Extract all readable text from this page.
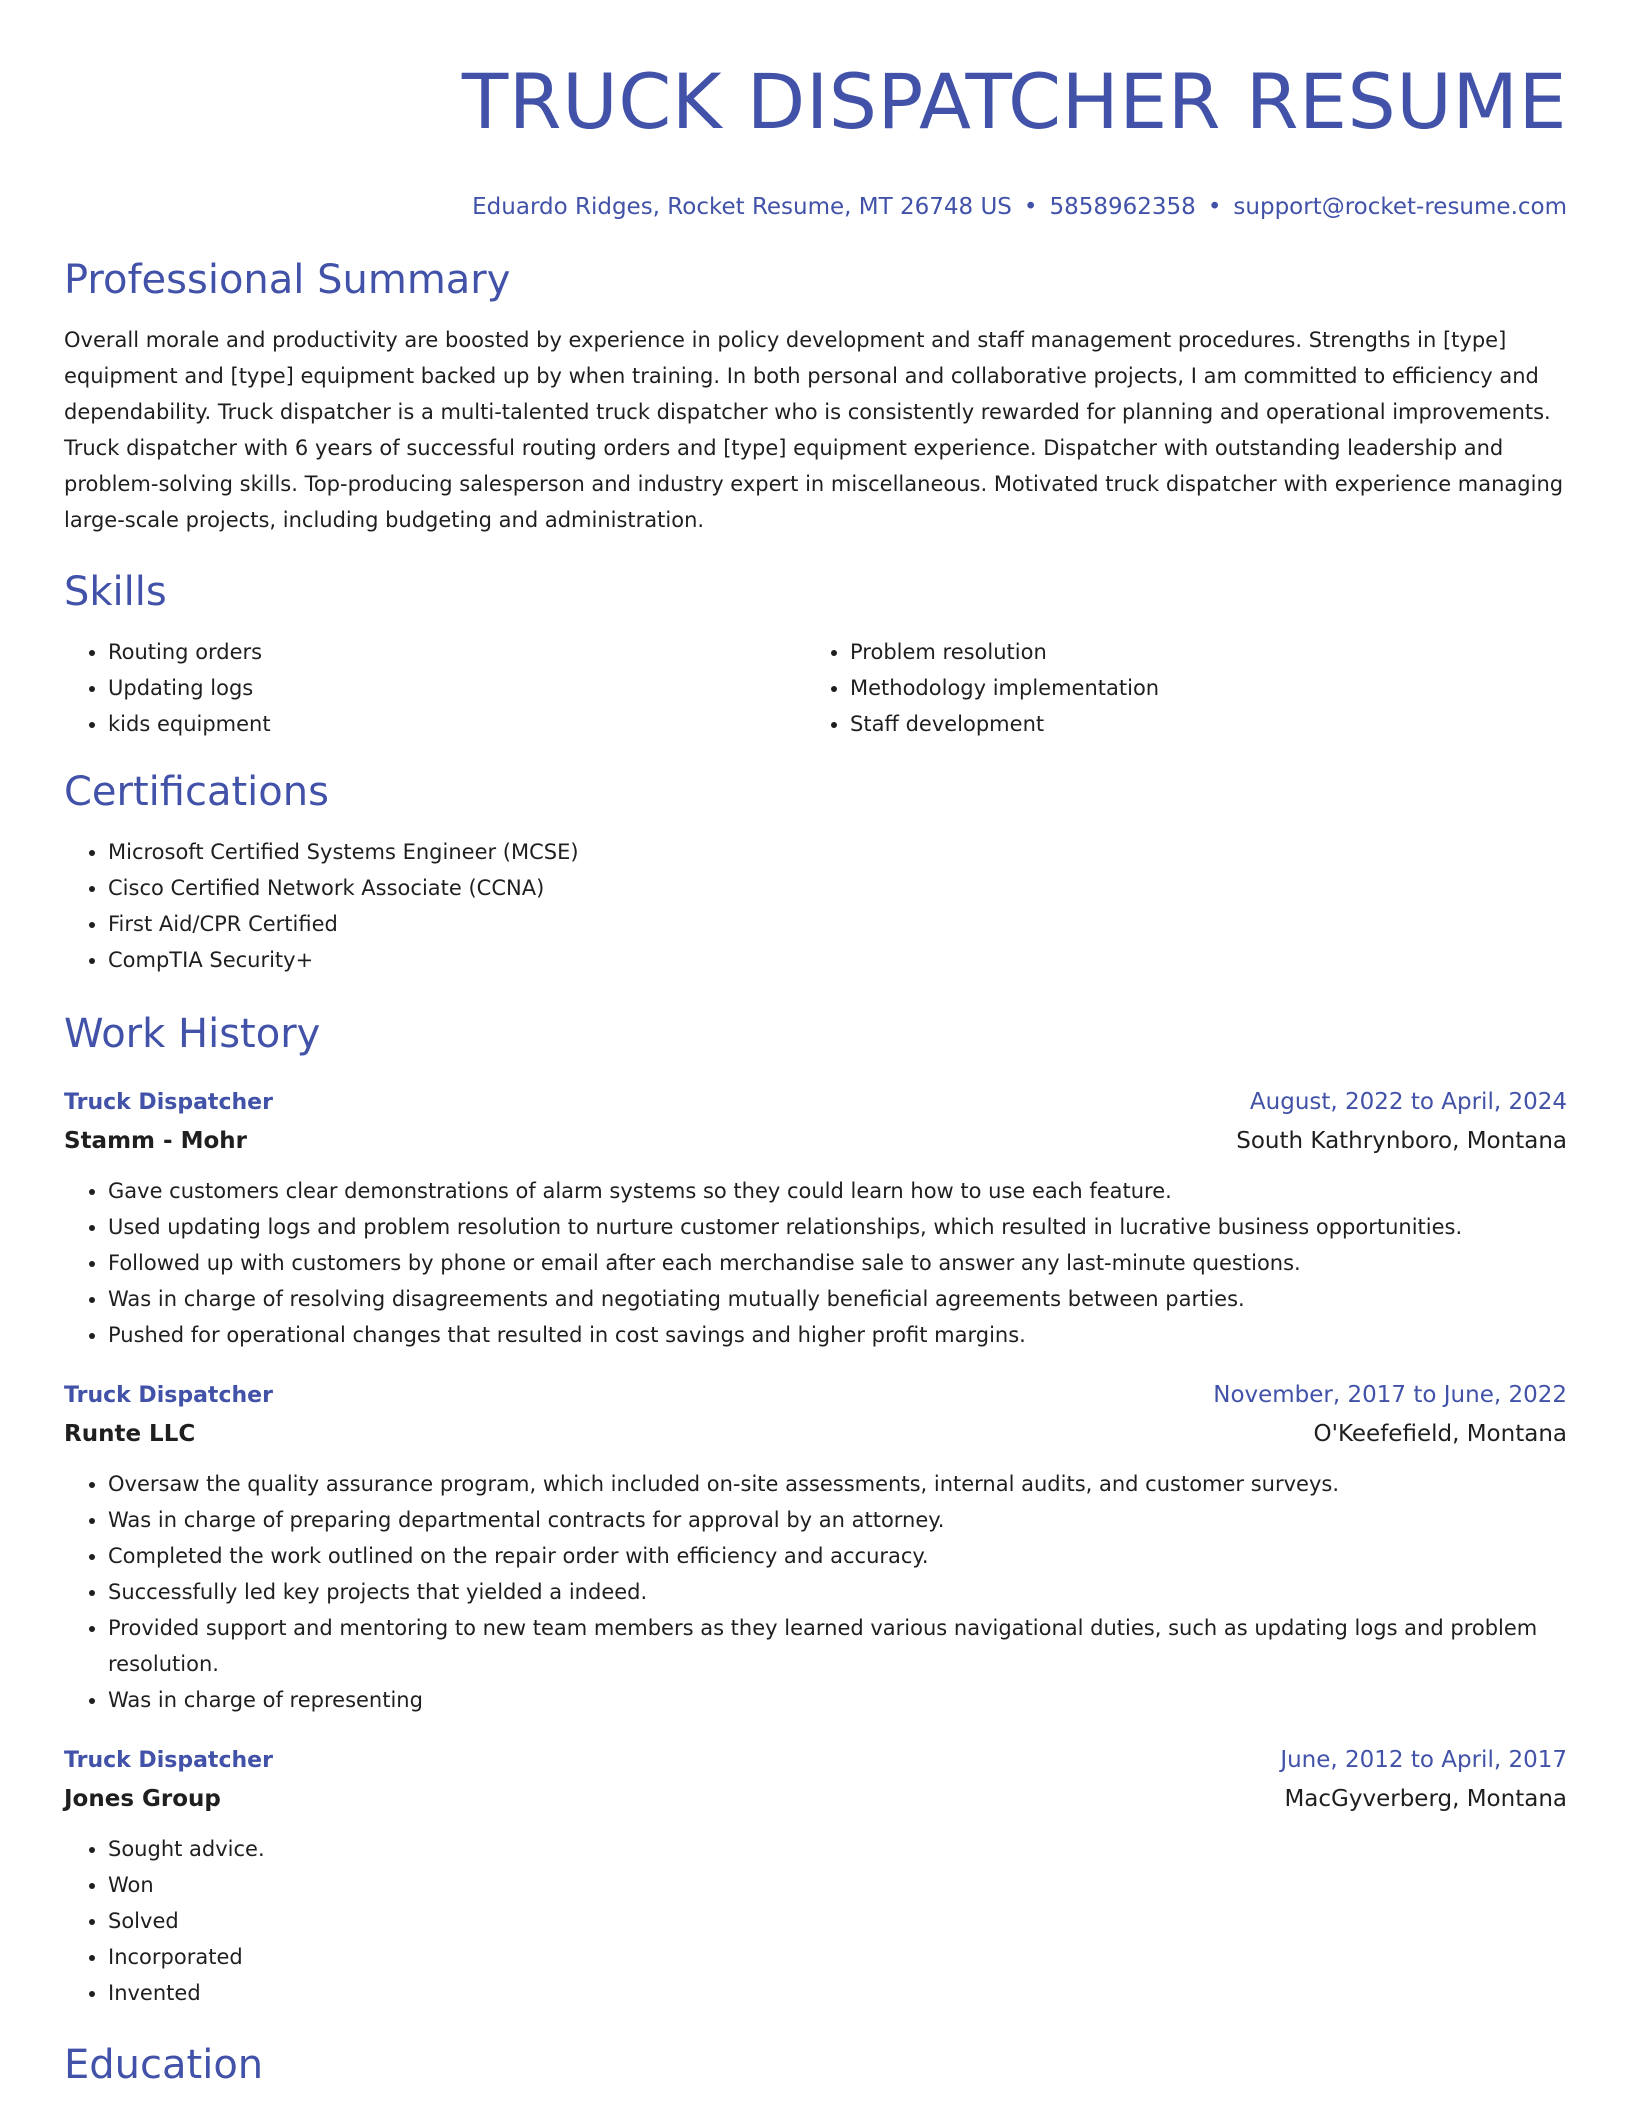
TRUCK DISPATCHER RESUME
Eduardo Ridges, Rocket Resume, MT 26748 US • 5858962358 • support@rocket-resume.com
Professional Summary

Overall morale and productivity are boosted by experience in policy development and staff management procedures. Strengths in [type] equipment and [type] equipment backed up by when training. In both personal and collaborative projects, I am committed to efficiency and dependability. Truck dispatcher is a multi-talented truck dispatcher who is consistently rewarded for planning and operational improvements. Truck dispatcher with 6 years of successful routing orders and [type] equipment experience. Dispatcher with outstanding leadership and problem-solving skills. Top-producing salesperson and industry expert in miscellaneous. Motivated truck dispatcher with experience managing large-scale projects, including budgeting and administration.

Skills
• Routing orders
• Updating logs
• kids equipment
• Problem resolution
• Methodology implementation
• Staff development
Certifications
• Microsoft Certified Systems Engineer (MCSE)
• Cisco Certified Network Associate (CCNA)
• First Aid/CPR Certified
• CompTIA Security+
Work History
Truck Dispatcher	August, 2022 to April, 2024
Stamm - Mohr	South Kathrynboro, Montana
• Gave customers clear demonstrations of alarm systems so they could learn how to use each feature.
• Used updating logs and problem resolution to nurture customer relationships, which resulted in lucrative business opportunities.
• Followed up with customers by phone or email after each merchandise sale to answer any last-minute questions.
• Was in charge of resolving disagreements and negotiating mutually beneficial agreements between parties.
• Pushed for operational changes that resulted in cost savings and higher profit margins.
Truck Dispatcher	November, 2017 to June, 2022
Runte LLC	O'Keefefield, Montana
• Oversaw the quality assurance program, which included on-site assessments, internal audits, and customer surveys.
• Was in charge of preparing departmental contracts for approval by an attorney.
• Completed the work outlined on the repair order with efficiency and accuracy.
• Successfully led key projects that yielded a indeed.
• Provided support and mentoring to new team members as they learned various navigational duties, such as updating logs and problem resolution.
• Was in charge of representing
Truck Dispatcher	June, 2012 to April, 2017
Jones Group	MacGyverberg, Montana
• Sought advice.
• Won
• Solved
• Incorporated
• Invented
Education
